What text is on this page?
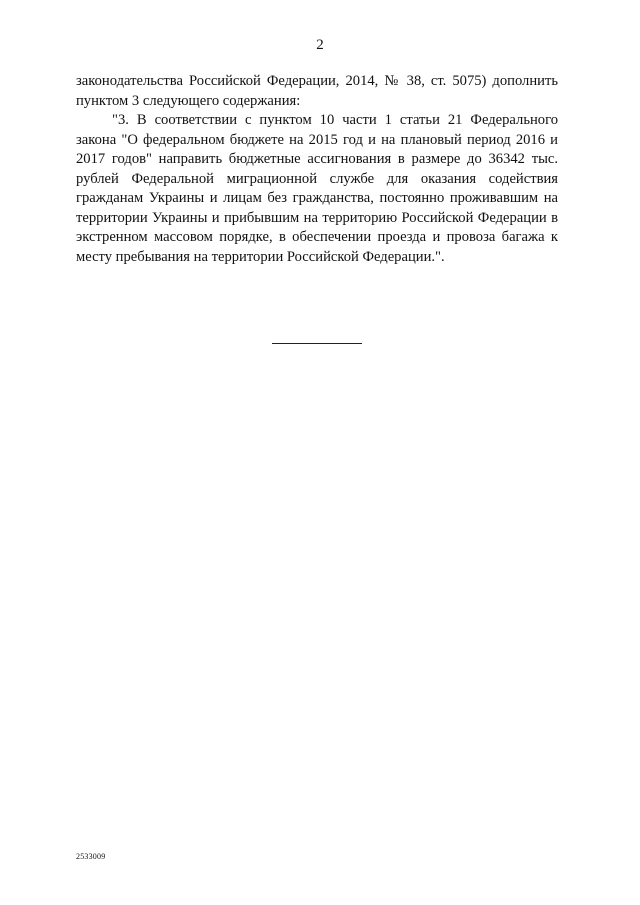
2

законодательства Российской Федерации, 2014, № 38, ст. 5075) дополнить пунктом 3 следующего содержания:

"3. В соответствии с пунктом 10 части 1 статьи 21 Федерального закона "О федеральном бюджете на 2015 год и на плановый период 2016 и 2017 годов" направить бюджетные ассигнования в размере до 36342 тыс. рублей Федеральной миграционной службе для оказания содействия гражданам Украины и лицам без гражданства, постоянно проживавшим на территории Украины и прибывшим на территорию Российской Федерации в экстренном массовом порядке, в обеспечении проезда и провоза багажа к месту пребывания на территории Российской Федерации.".

2533009
